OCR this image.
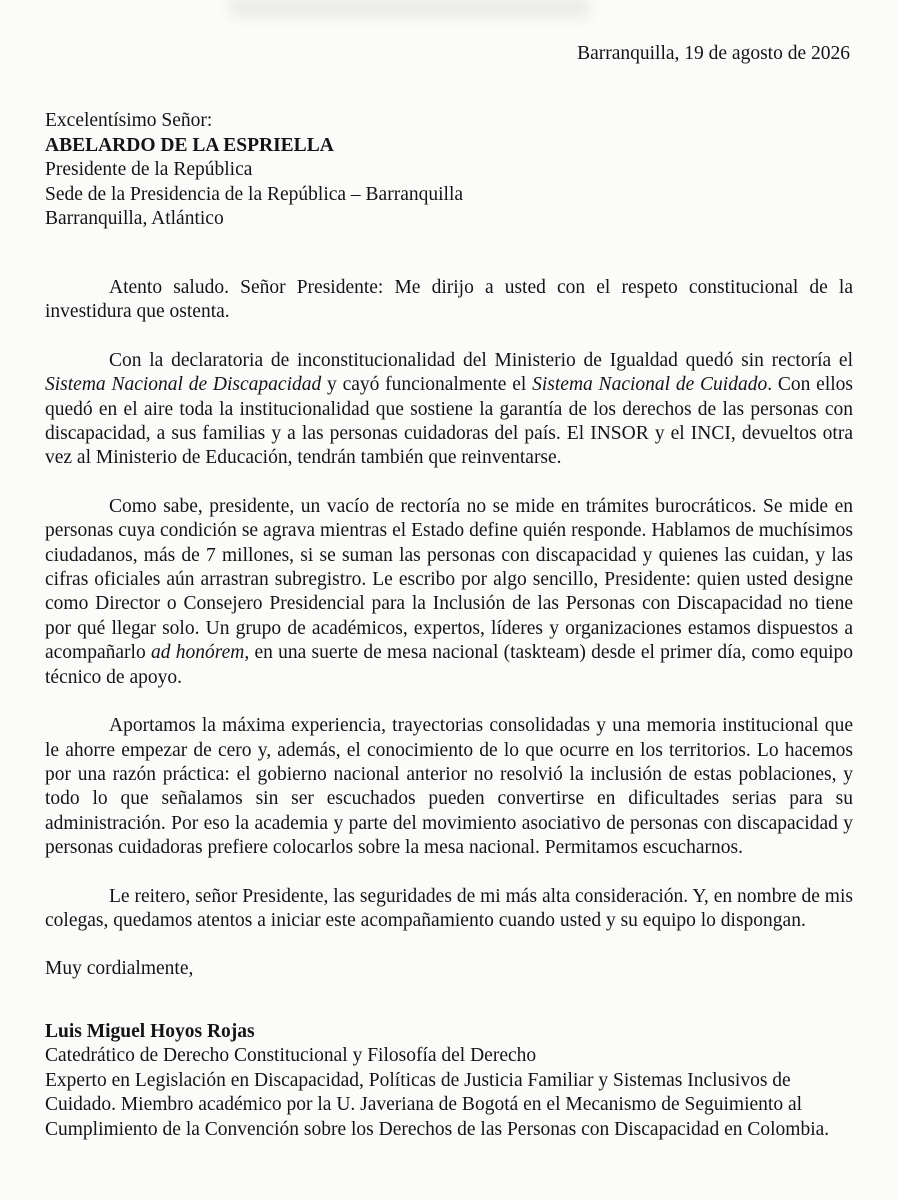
Barranquilla, 19 de agosto de 2026
Excelentísimo Señor:
ABELARDO DE LA ESPRIELLA
Presidente de la República
Sede de la Presidencia de la República – Barranquilla
Barranquilla, Atlántico

Atento saludo. Señor Presidente: Me dirijo a usted con el respeto constitucional de la investidura que ostenta.

Con la declaratoria de inconstitucionalidad del Ministerio de Igualdad quedó sin rectoría el Sistema Nacional de Discapacidad y cayó funcionalmente el Sistema Nacional de Cuidado. Con ellos quedó en el aire toda la institucionalidad que sostiene la garantía de los derechos de las personas con discapacidad, a sus familias y a las personas cuidadoras del país. El INSOR y el INCI, devueltos otra vez al Ministerio de Educación, tendrán también que reinventarse.

Como sabe, presidente, un vacío de rectoría no se mide en trámites burocráticos. Se mide en personas cuya condición se agrava mientras el Estado define quién responde. Hablamos de muchísimos ciudadanos, más de 7 millones, si se suman las personas con discapacidad y quienes las cuidan, y las cifras oficiales aún arrastran subregistro. Le escribo por algo sencillo, Presidente: quien usted designe como Director o Consejero Presidencial para la Inclusión de las Personas con Discapacidad no tiene por qué llegar solo. Un grupo de académicos, expertos, líderes y organizaciones estamos dispuestos a acompañarlo ad honórem, en una suerte de mesa nacional (taskteam) desde el primer día, como equipo técnico de apoyo.

Aportamos la máxima experiencia, trayectorias consolidadas y una memoria institucional que le ahorre empezar de cero y, además, el conocimiento de lo que ocurre en los territorios. Lo hacemos por una razón práctica: el gobierno nacional anterior no resolvió la inclusión de estas poblaciones, y todo lo que señalamos sin ser escuchados pueden convertirse en dificultades serias para su administración. Por eso la academia y parte del movimiento asociativo de personas con discapacidad y personas cuidadoras prefiere colocarlos sobre la mesa nacional. Permitamos escucharnos.

Le reitero, señor Presidente, las seguridades de mi más alta consideración. Y, en nombre de mis colegas, quedamos atentos a iniciar este acompañamiento cuando usted y su equipo lo dispongan.

Muy cordialmente,

Luis Miguel Hoyos Rojas
Catedrático de Derecho Constitucional y Filosofía del Derecho

Experto en Legislación en Discapacidad, Políticas de Justicia Familiar y Sistemas Inclusivos de Cuidado. Miembro académico por la U. Javeriana de Bogotá en el Mecanismo de Seguimiento al Cumplimiento de la Convención sobre los Derechos de las Personas con Discapacidad en Colombia.
